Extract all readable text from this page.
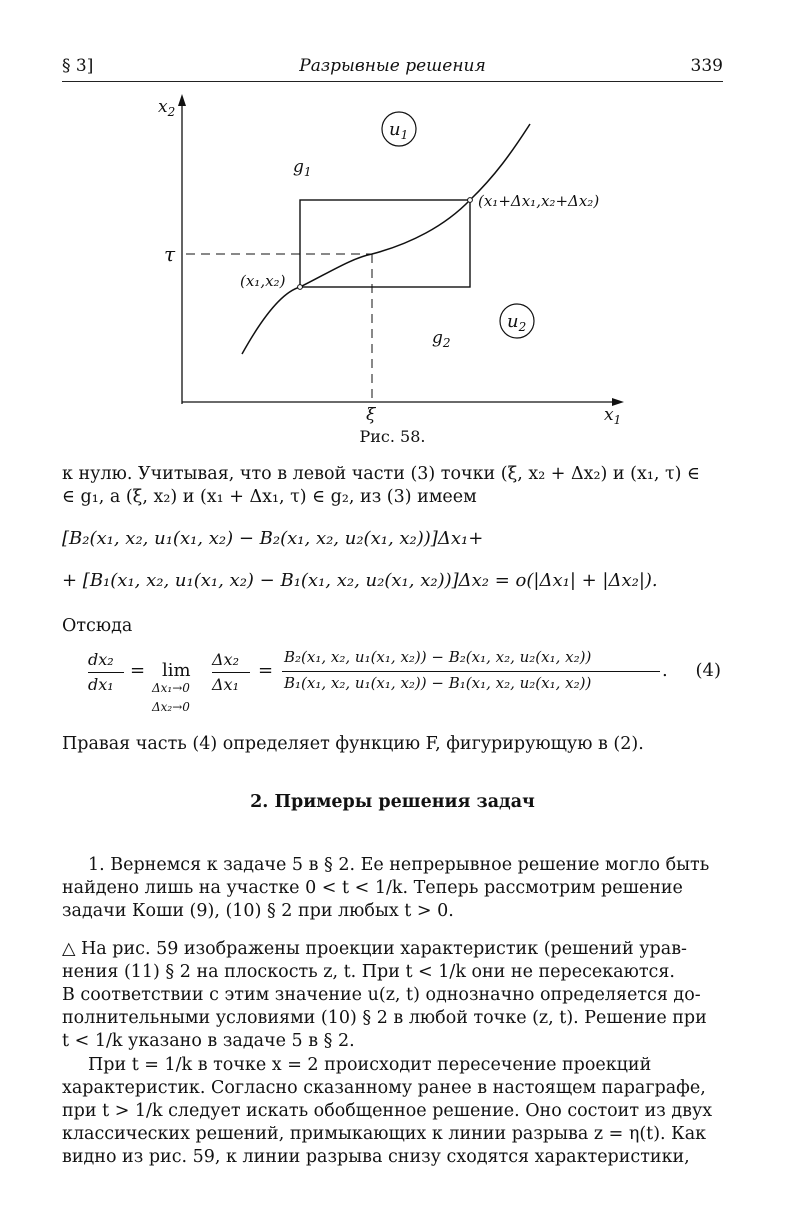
§ 3]	Разрывные решения	339
$x_2$
$x_1$
τ
ξ
(x₁,x₂)
(x₁+Δx₁,x₂+Δx₂)
$g_1$
$g_2$
$u_1$
$u_2$
Рис. 58.
к нулю. Учитывая, что в левой части (3) точки (ξ, x₂ + Δx₂) и (x₁, τ) ∈
∈ g₁, а (ξ, x₂) и (x₁ + Δx₁, τ) ∈ g₂, из (3) имеем
[B₂(x₁, x₂, u₁(x₁, x₂) − B₂(x₁, x₂, u₂(x₁, x₂))]Δx₁+
+ [B₁(x₁, x₂, u₁(x₁, x₂) − B₁(x₁, x₂, u₂(x₁, x₂))]Δx₂ = o(|Δx₁| + |Δx₂|).
Отсюда
dx₂
dx₁
= lim
Δx₁→0
Δx₂→0
Δx₂
Δx₁
=
B₂(x₁, x₂, u₁(x₁, x₂)) − B₂(x₁, x₂, u₂(x₁, x₂))
B₁(x₁, x₂, u₁(x₁, x₂)) − B₁(x₁, x₂, u₂(x₁, x₂))
. (4)
Правая часть (4) определяет функцию F, фигурирующую в (2).
2. Примеры решения задач
1. Вернемся к задаче 5 в § 2. Ее непрерывное решение могло быть
найдено лишь на участке 0 < t < 1/k. Теперь рассмотрим решение
задачи Коши (9), (10) § 2 при любых t > 0.
△ На рис. 59 изображены проекции характеристик (решений урав-
нения (11) § 2 на плоскость z, t. При t < 1/k они не пересекаются.
В соответствии с этим значение u(z, t) однозначно определяется до-
полнительными условиями (10) § 2 в любой точке (z, t). Решение при
t < 1/k указано в задаче 5 в § 2.
При t = 1/k в точке x = 2 происходит пересечение проекций
характеристик. Согласно сказанному ранее в настоящем параграфе,
при t > 1/k следует искать обобщенное решение. Оно состоит из двух
классических решений, примыкающих к линии разрыва z = η(t). Как
видно из рис. 59, к линии разрыва снизу сходятся характеристики,
